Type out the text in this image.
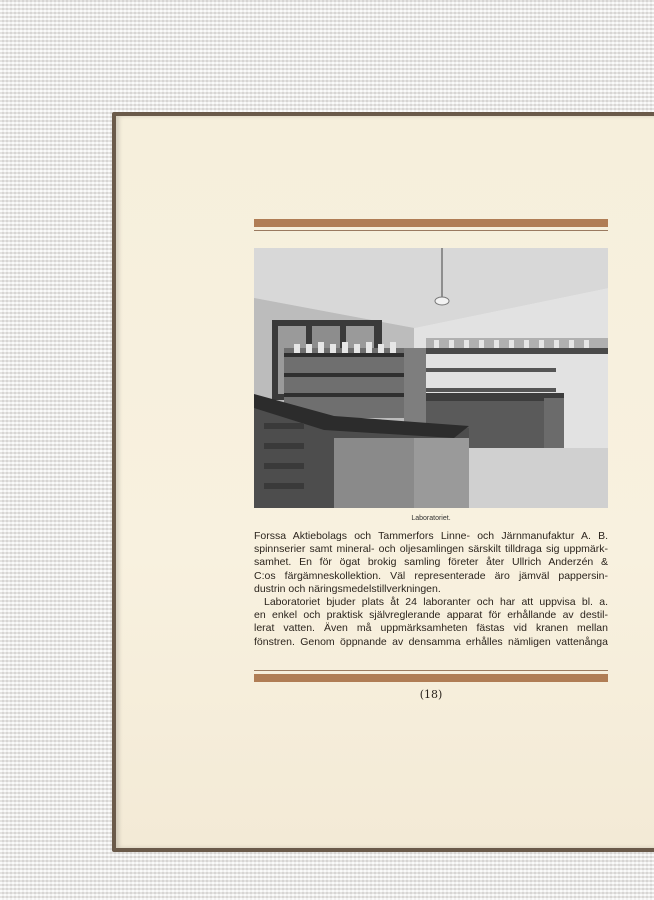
Laboratoriet.
Forssa Aktiebolags och Tammerfors Linne- och Järnmanufaktur A. B.
spinnserier samt mineral- och oljesamlingen särskilt tilldraga sig uppmärk-
samhet. En för ögat brokig samling företer åter Ullrich Anderzén &
C:os färgämneskollektion. Väl representerade äro jämväl pappersin-
dustrin och näringsmedelstillverkningen.
Laboratoriet bjuder plats åt 24 laboranter och har att uppvisa bl. a.
en enkel och praktisk självreglerande apparat för erhållande av destil-
lerat vatten. Även må uppmärksamheten fästas vid kranen mellan
fönstren. Genom öppnande av densamma erhålles nämligen vattenånga
(18)
